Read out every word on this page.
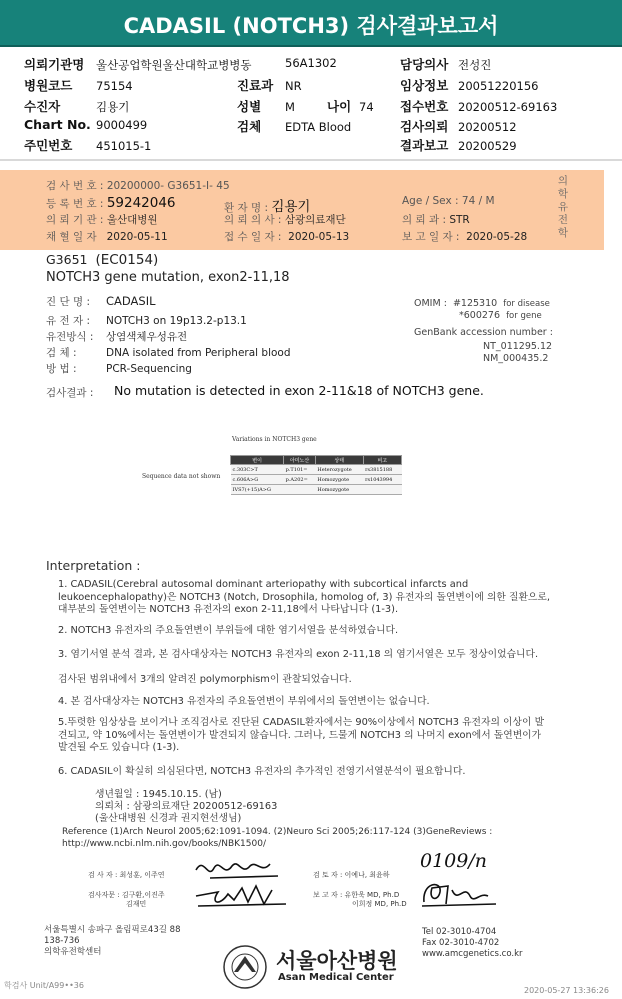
CADASIL (NOTCH3) 검사결과보고서
의뢰기관명 울산공업학원울산대학교병병동	56A1302	담당의사 전성진
병원코드 75154	진료과 NR	임상정보 20051220156
수진자	김용기	성별 M	나이 74 접수번호 20200512-69163
Chart No. 9000499	검체 EDTA Blood	검사의뢰 20200512
주민번호 451015-1	결과보고 20200529
검 사 번 호 : 20200000- G3651-I- 45
등 록 번 호 : 59242046	환 자 명 : 김용기	Age / Sex : 74 / M
의 뢰 기 관 : 울산대병원	의 뢰 의 사 : 삼광의료재단	의 뢰 과 : STR
채 혈 일 자 2020-05-11	접 수 일 자 : 2020-05-13	보 고 일 자 : 2020-05-28
의
학
유
전
학
G3651 (EC0154)
NOTCH3 gene mutation, exon2-11,18
진 단 명 : CADASIL
유 전 자 : NOTCH3 on 19p13.2-p13.1
유전방식 : 상염색체우성유전
검 체 :	DNA isolated from Peripheral blood
방 법 :	PCR-Sequencing
OMIM : #125310 for disease
*600276 for gene
GenBank accession number :
NT_011295.12
NM_000435.2
검사결과 : No mutation is detected in exon 2-11&18 of NOTCH3 gene.
Variations in NOTCH3 gene
Sequence data not shown
변이	아미노산	상태	비고
c.303C>T	p.T101=	Heterozygote	rs3815188
c.606A>G	p.A202=	Homozygote	rs1043994
IVS7(+15)A>G		Homozygote	
Interpretation :
1. CADASIL(Cerebral autosomal dominant arteriopathy with subcortical infarcts and leukoencephalopathy)은 NOTCH3 (Notch, Drosophila, homolog of, 3) 유전자의 돌연변이에 의한 질환으로, 대부분의 돌연변이는 NOTCH3 유전자의 exon 2-11,18에서 나타납니다 (1-3).
2. NOTCH3 유전자의 주요돌연변이 부위들에 대한 염기서열을 분석하였습니다.
3. 염기서열 분석 결과, 본 검사대상자는 NOTCH3 유전자의 exon 2-11,18 의 염기서열은 모두 정상이었습니다.
검사된 범위내에서 3개의 알려진 polymorphism이 관찰되었습니다.
4. 본 검사대상자는 NOTCH3 유전자의 주요돌연변이 부위에서의 돌연변이는 없습니다.
5.뚜렷한 임상상을 보이거나 조직검사로 진단된 CADASIL환자에서는 90%이상에서 NOTCH3 유전자의 이상이 발견되고, 약 10%에서는 돌연변이가 발견되지 않습니다. 그러나, 드물게 NOTCH3 의 나머지 exon에서 돌연변이가 발견될 수도 있습니다 (1-3).
6. CADASIL이 확실히 의심된다면, NOTCH3 유전자의 추가적인 전영기서열분석이 필요합니다.
생년월일 : 1945.10.15. (남)
의뢰처 : 삼광의료재단 20200512-69163
(울산대병원 신경과 권지현선생님)
Reference (1)Arch Neurol 2005;62:1091-1094. (2)Neuro Sci 2005;26:117-124 (3)GeneReviews :
http://www.ncbi.nlm.nih.gov/books/NBK1500/
검 사 자 : 최성훈, 이주연
검사자문 : 김구환,이진주
김재민
검 토 자 : 이예나, 최윤하
0109/n
보 고 자 : 유한욱 MD, Ph.D
이희정 MD, Ph.D
서울특별시 송파구 올림픽로43길 88
138-736
의학유전학센터	서울아산병원
Asan Medical Center
Tel 02-3010-4704
Fax 02-3010-4702
www.amcgenetics.co.kr
학검사 Unit/A99••36
2020-05-27 13:36:26
